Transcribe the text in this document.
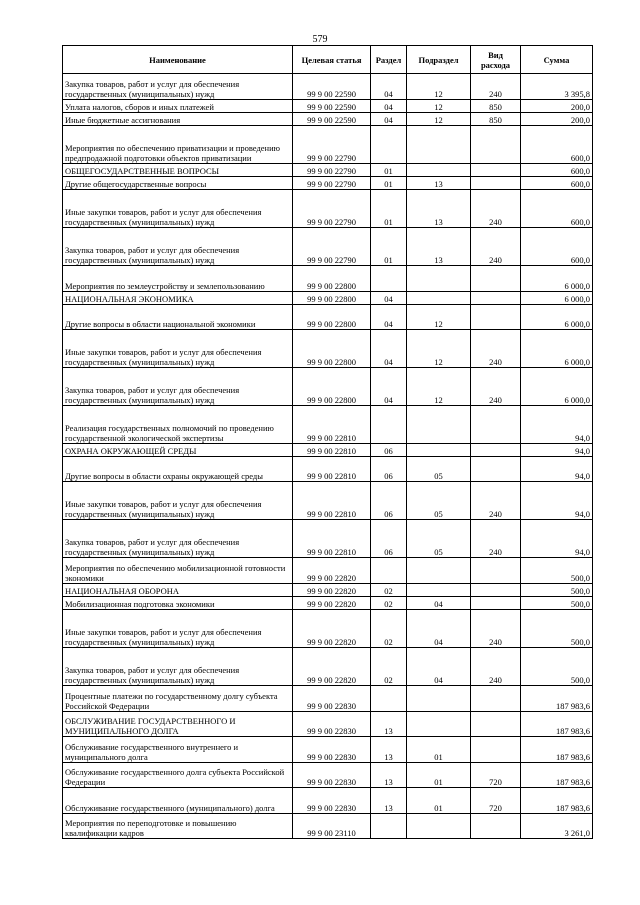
579
Наименование	Целевая статья	Раздел	Подраздел	Вид расхода	Сумма
Закупка товаров, работ и услуг для обеспечения государственных (муниципальных) нужд	99 9 00 22590	04	12	240	3 395,8
Уплата налогов, сборов и иных платежей	99 9 00 22590	04	12	850	200,0
Иные бюджетные ассигнования	99 9 00 22590	04	12	850	200,0
Мероприятия по обеспечению приватизации и проведению предпродажной подготовки объектов приватизации	99 9 00 22790				600,0
ОБЩЕГОСУДАРСТВЕННЫЕ ВОПРОСЫ	99 9 00 22790	01			600,0
Другие общегосударственные вопросы	99 9 00 22790	01	13		600,0
Иные закупки товаров, работ и услуг для обеспечения государственных (муниципальных) нужд	99 9 00 22790	01	13	240	600,0
Закупка товаров, работ и услуг для обеспечения государственных (муниципальных) нужд	99 9 00 22790	01	13	240	600,0
Мероприятия по землеустройству и землепользованию	99 9 00 22800				6 000,0
НАЦИОНАЛЬНАЯ ЭКОНОМИКА	99 9 00 22800	04			6 000,0
Другие вопросы в области национальной экономики	99 9 00 22800	04	12		6 000,0
Иные закупки товаров, работ и услуг для обеспечения государственных (муниципальных) нужд	99 9 00 22800	04	12	240	6 000,0
Закупка товаров, работ и услуг для обеспечения государственных (муниципальных) нужд	99 9 00 22800	04	12	240	6 000,0
Реализация государственных полномочий по проведению государственной экологической экспертизы	99 9 00 22810				94,0
ОХРАНА ОКРУЖАЮЩЕЙ СРЕДЫ	99 9 00 22810	06			94,0
Другие вопросы в области охраны окружающей среды	99 9 00 22810	06	05		94,0
Иные закупки товаров, работ и услуг для обеспечения государственных (муниципальных) нужд	99 9 00 22810	06	05	240	94,0
Закупка товаров, работ и услуг для обеспечения государственных (муниципальных) нужд	99 9 00 22810	06	05	240	94,0
Мероприятия по обеспечению мобилизационной готовности экономики	99 9 00 22820				500,0
НАЦИОНАЛЬНАЯ ОБОРОНА	99 9 00 22820	02			500,0
Мобилизационная подготовка экономики	99 9 00 22820	02	04		500,0
Иные закупки товаров, работ и услуг для обеспечения государственных (муниципальных) нужд	99 9 00 22820	02	04	240	500,0
Закупка товаров, работ и услуг для обеспечения государственных (муниципальных) нужд	99 9 00 22820	02	04	240	500,0
Процентные платежи по государственному долгу субъекта Российской Федерации	99 9 00 22830				187 983,6
ОБСЛУЖИВАНИЕ ГОСУДАРСТВЕННОГО И МУНИЦИПАЛЬНОГО ДОЛГА	99 9 00 22830	13			187 983,6
Обслуживание государственного внутреннего и муниципального долга	99 9 00 22830	13	01		187 983,6
Обслуживание государственного долга субъекта Российской Федерации	99 9 00 22830	13	01	720	187 983,6
Обслуживание государственного (муниципального) долга	99 9 00 22830	13	01	720	187 983,6
Мероприятия по переподготовке и повышению квалификации кадров	99 9 00 23110				3 261,0
